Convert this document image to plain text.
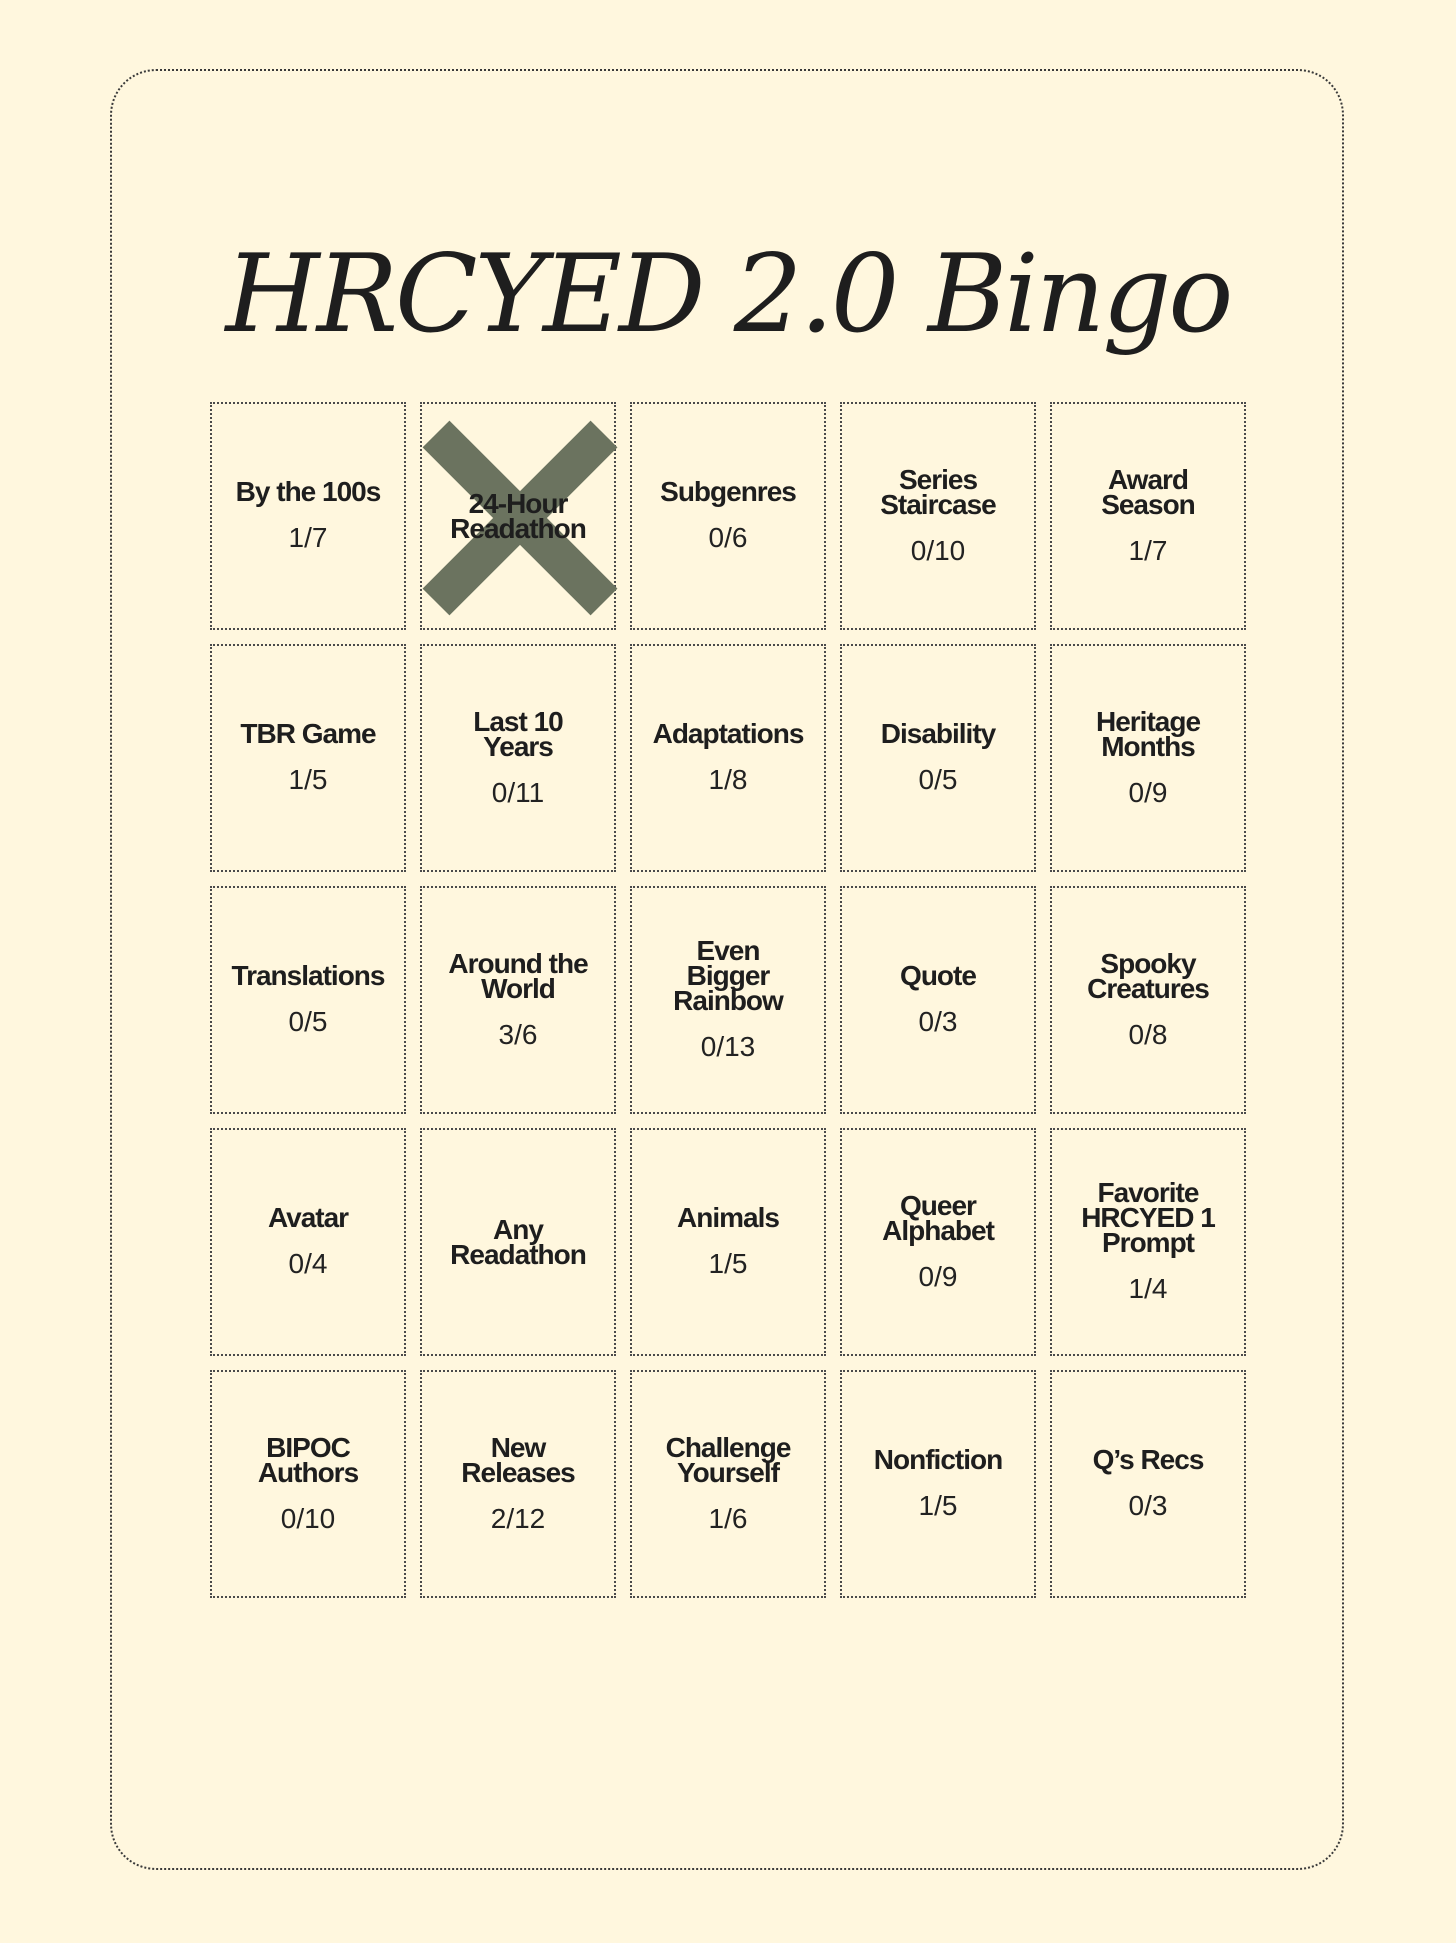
HRCYED 2.0 Bingo
By the 100s
1/7
24-Hour
Readathon
Subgenres
0/6
Series
Staircase
0/10
Award
Season
1/7
TBR Game
1/5
Last 10
Years
0/11
Adaptations
1/8
Disability
0/5
Heritage
Months
0/9
Translations
0/5
Around the
World
3/6
Even
Bigger
Rainbow
0/13
Quote
0/3
Spooky
Creatures
0/8
Avatar
0/4
Any
Readathon
Animals
1/5
Queer
Alphabet
0/9
Favorite
HRCYED 1
Prompt
1/4
BIPOC
Authors
0/10
New
Releases
2/12
Challenge
Yourself
1/6
Nonfiction
1/5
Q’s Recs
0/3
